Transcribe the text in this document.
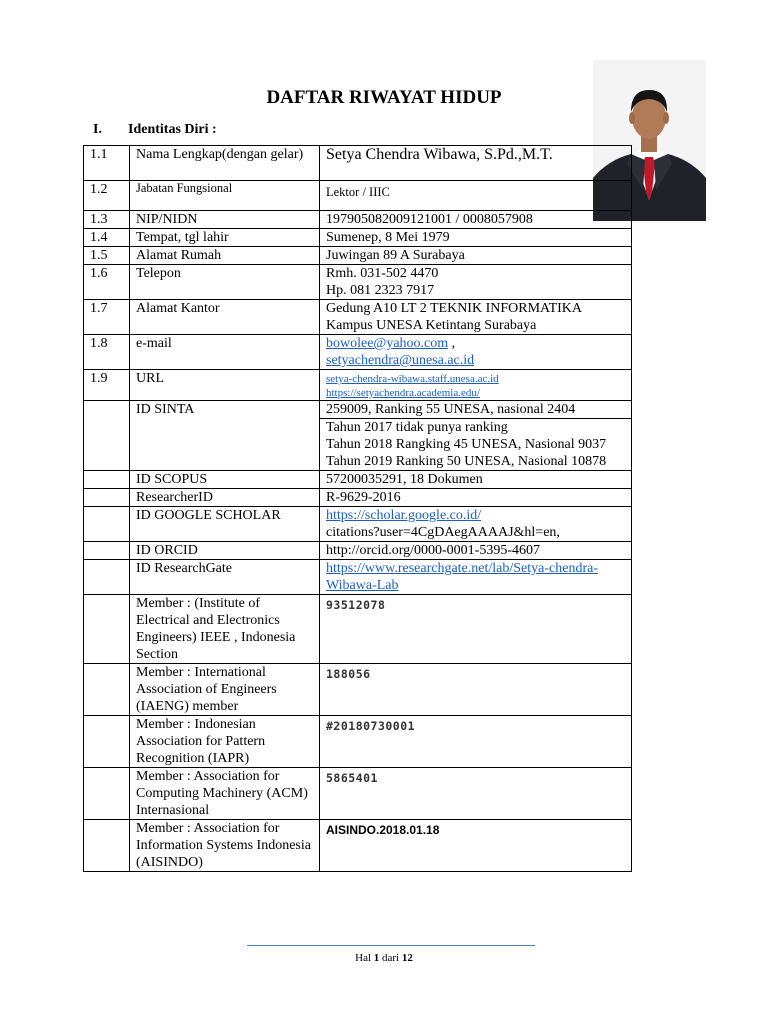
DAFTAR RIWAYAT HIDUP
I. Identitas Diri :
1.1	Nama Lengkap(dengan gelar)	Setya Chendra Wibawa, S.Pd.,M.T.
1.2	Jabatan Fungsional	Lektor / IIIC
1.3	NIP/NIDN	197905082009121001 / 0008057908
1.4	Tempat, tgl lahir	Sumenep, 8 Mei 1979
1.5	Alamat Rumah	Juwingan 89 A Surabaya
1.6	Telepon	Rmh. 031-502 4470
Hp. 081 2323 7917

1.7	Alamat Kantor	Gedung A10 LT 2 TEKNIK INFORMATIKA
Kampus UNESA Ketintang Surabaya

1.8	e-mail	bowolee@yahoo.com ,
setyachendra@unesa.ac.id

1.9	URL	setya-chendra-wibawa.staff.unesa.ac.id
https://setyachendra.academia.edu/

	ID SINTA	259009, Ranking 55 UNESA, nasional 2404

		Tahun 2017 tidak punya ranking
Tahun 2018 Rangking 45 UNESA, Nasional 9037
Tahun 2019 Ranking 50 UNESA, Nasional 10878

	ID SCOPUS	57200035291, 18 Dokumen
	ResearcherID	R-9629-2016
	ID GOOGLE SCHOLAR	https://scholar.google.co.id/
citations?user=4CgDAegAAAAJ&hl=en,

	ID ORCID	http://orcid.org/0000-0001-5395-4607
	ID ResearchGate	https://www.researchgate.net/lab/Setya-chendra-Wibawa-Lab
	Member : (Institute of Electrical and Electronics Engineers) IEEE , Indonesia Section	93512078
	Member : International Association of Engineers (IAENG) member	188056
	Member : Indonesian Association for Pattern Recognition (IAPR)	#20180730001
	Member : Association for Computing Machinery (ACM) Internasional	5865401
	Member : Association for Information Systems Indonesia (AISINDO)	AISINDO.2018.01.18
Hal 1 dari 12
